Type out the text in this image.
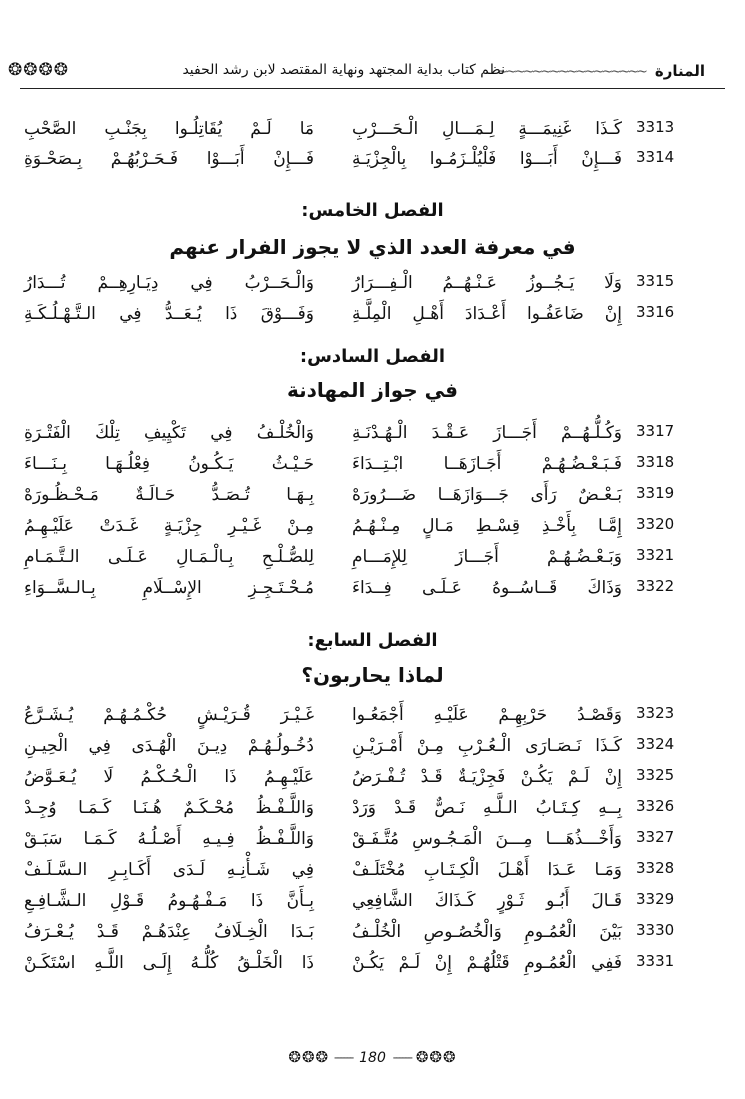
المنارة
~~~~~~~~~~~~~~~~~
نظم كتاب بداية المجتهد ونهاية المقتصد لابن رشد الحفيد
❂❂❂❂
3313
كَـذَا غَنِيمَـــةٍ لِـمَـــالِ الْـحَـــرْبِ
مَا لَـمْ يُقَاتِلُـوا بِجَنْـبِ الصَّحْبِ
3314
فَـــإِنْ أَبَـــوْا فَلْيُلْـزَمُـوا بِالْجِزْيَـةِ
فَـــإِنْ أَبَـــوْا فَـحَـرْبُهُـمْ بِـصَحْـوَةِ
الفصل الخامس:
في معرفة العدد الذي لا يجوز الفرار عنهم
3315
وَلَا يَـجُــوزُ عَـنْـهُــمُ الْـفِـــرَارُ
وَالْـحَــرْبُ فِي دِيَـارِهِــمْ تُـــدَارُ
3316
إِنْ ضَاعَفُـوا أَعْـدَادَ أَهْـلِ الْمِلَّـةِ
وَفَـــوْقَ ذَا يُـعَــدُّ فِي الـتَّـهْـلُـكَـةِ
الفصل السادس:
في جواز المهادنة
3317
وَكُـلُّـهُــمْ أَجَـــازَ عَـقْـدَ الْـهُـدْنَـةِ
وَالْخُلْـفُ فِي تَكْيِيفِ تِلْكَ الْفَتْـرَةِ
3318
فَـبَـعْـضُـهُـمْ أَجَـازَهَــا ابْـتِــدَاءَ
حَـيْـثُ يَـكُـونُ فِعْلُـهَـا بِـنَـــاءَ
3319
بَـعْـضٌ رَأَى جَـــوَازَهَــا ضَـــرُورَهْ
بِـهَـا تُـصَـدُّ حَـالَـةٌ مَـحْـظُـورَهْ
3320
إِمَّـا بِأَخْـذِ قِسْـطِ مَـالٍ مِـنْـهُـمُ
مِـنْ غَـيْـرِ جِزْيَـةٍ غَـدَتْ عَلَيْـهِـمُ
3321
وَبَـعْـضُـهُـمْ أَجَـــازَ لِلإِمَـــامِ
لِلصُّـلْـحِ بِـالْـمَـالِ عَـلَـى الـتَّـمَـامِ
3322
وَذَاكَ قَــاسُــوهُ عَـلَـى فِــدَاءَ
مُـحْـتَـجِـزِ الإِسْــلَامِ بِـالـسَّــوَاءِ
الفصل السابع:
لماذا يحاربون؟
3323
وَقَصْـدُ حَرْبِهِـمْ عَلَيْـهِ أَجْمَعُـوا
غَـيْـرَ قُـرَيْـشٍ حُكْـمُـهُـمْ يُـشَـرَّعُ
3324
كَـذَا نَـصَـارَى الْـعُـرْبِ مِـنْ أَمْـرَيْـنِ
دُخُـولُـهُـمْ دِيـنَ الْهُـدَى فِي الْحِيـنِ
3325
إِنْ لَـمْ يَكُـنْ فَجِزْيَـةٌ قَـدْ تُـفْـرَضُ
عَلَيْـهِـمُ ذَا الْـحُـكْـمُ لَا يُـعَـوَّضُ
3326
بِــهِ كِـتَـابُ الـلَّـهِ نَـصٌّ قَـدْ وَرَدْ
وَاللَّـفْـظُ مُحْـكَـمٌ هُـنَـا كَـمَـا وُجِـدْ
3327
وَأَخْـــذُهَـــا مِـــنَ الْمَـجُـوسِ مُتَّـفَـقْ
وَاللَّـفْـظُ فِـيـهِ أَصْـلُـهُ كَـمَـا سَبَـقْ
3328
وَمَـا عَـدَا أَهْـلَ الْكِـتَـابِ مُخْتَلَـفْ
فِي شَـأْنِـهِ لَـدَى أَكَـابِـرِ الـسَّـلَـفْ
3329
قَـالَ أَبُـو ثَـوْرٍ كَـذَاكَ الشَّافِعِي
بِـأَنَّ ذَا مَـفْـهُـومُ قَـوْلِ الـشَّـافِـعِ
3330
بَيْنَ الْعُمُـومِ وَالْخُصُـوصِ الْخُلْـفُ
بَـدَا الْخِـلَافُ عِنْدَهُـمْ قَـدْ يُـعْـرَفُ
3331
فَفِي الْعُمُـومِ قَتْلُهُـمْ إِنْ لَـمْ يَكُـنْ
ذَا الْخَلْـقُ كُلُّـهُ إِلَـى اللَّـهِ اسْتَكَـنْ
❂❂❂ ------ 180 ------ ❂❂❂
